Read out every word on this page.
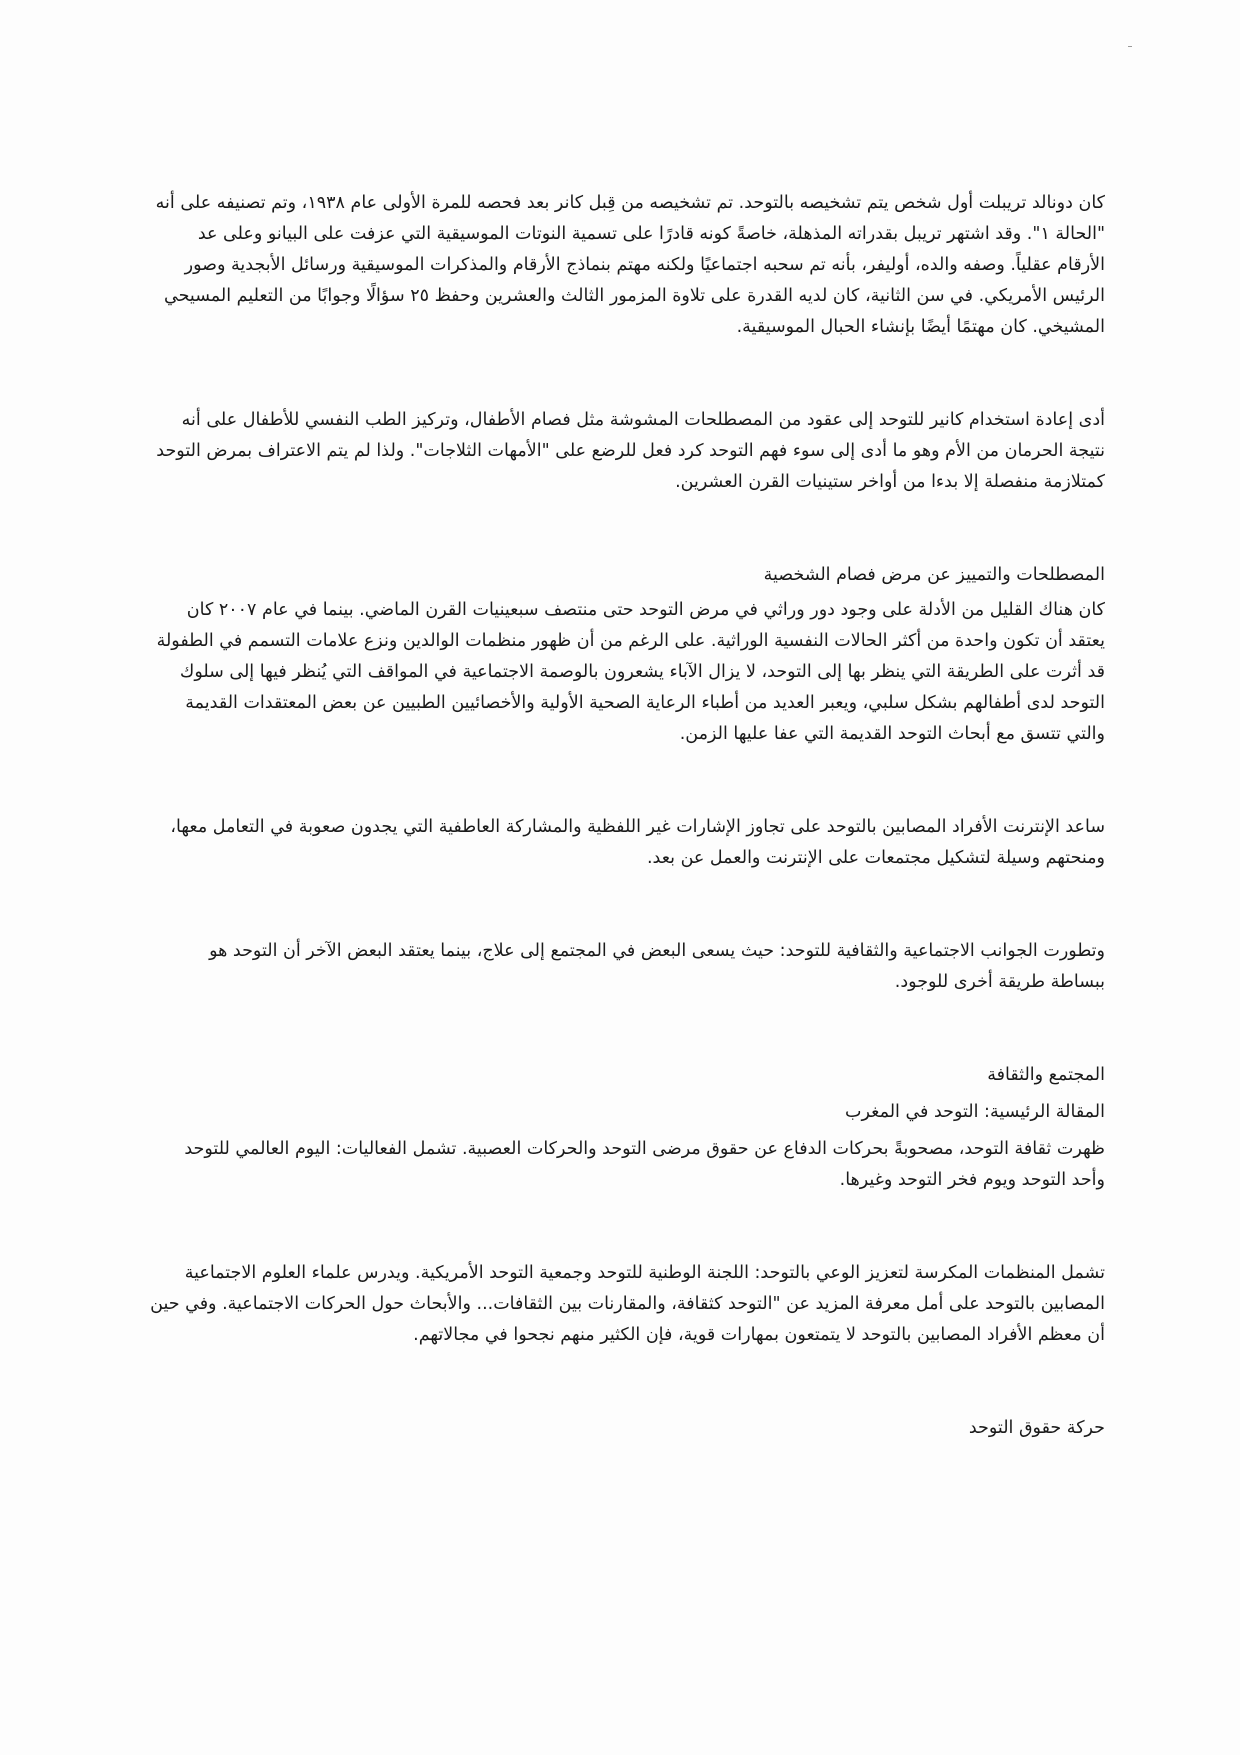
كان دونالد تريبلت أول شخص يتم تشخيصه بالتوحد. تم تشخيصه من قِبل كانر بعد فحصه للمرة الأولى عام ١٩٣٨، وتم تصنيفه على أنه "الحالة ١". وقد اشتهر تريبل بقدراته المذهلة، خاصةً كونه قادرًا على تسمية النوتات الموسيقية التي عزفت على البيانو وعلى عد الأرقام عقلياً. وصفه والده، أوليفر، بأنه تم سحبه اجتماعيًا ولكنه مهتم بنماذج الأرقام والمذكرات الموسيقية ورسائل الأبجدية وصور الرئيس الأمريكي. في سن الثانية، كان لديه القدرة على تلاوة المزمور الثالث والعشرين وحفظ ٢٥ سؤالًا وجوابًا من التعليم المسيحي المشيخي. كان مهتمًا أيضًا بإنشاء الحبال الموسيقية.

أدى إعادة استخدام كانير للتوحد إلى عقود من المصطلحات المشوشة مثل فصام الأطفال، وتركيز الطب النفسي للأطفال على أنه نتيجة الحرمان من الأم وهو ما أدى إلى سوء فهم التوحد كرد فعل للرضع على "الأمهات الثلاجات". ولذا لم يتم الاعتراف بمرض التوحد كمتلازمة منفصلة إلا بدءا من أواخر ستينيات القرن العشرين.

المصطلحات والتمييز عن مرض فصام الشخصية

كان هناك القليل من الأدلة على وجود دور وراثي في مرض التوحد حتى منتصف سبعينيات القرن الماضي. بينما في عام ٢٠٠٧ كان يعتقد أن تكون واحدة من أكثر الحالات النفسية الوراثية. على الرغم من أن ظهور منظمات الوالدين ونزع علامات التسمم في الطفولة قد أثرت على الطريقة التي ينظر بها إلى التوحد، لا يزال الآباء يشعرون بالوصمة الاجتماعية في المواقف التي يُنظر فيها إلى سلوك التوحد لدى أطفالهم بشكل سلبي، ويعبر العديد من أطباء الرعاية الصحية الأولية والأخصائيين الطبيين عن بعض المعتقدات القديمة والتي تتسق مع أبحاث التوحد القديمة التي عفا عليها الزمن.

ساعد الإنترنت الأفراد المصابين بالتوحد على تجاوز الإشارات غير اللفظية والمشاركة العاطفية التي يجدون صعوبة في التعامل معها، ومنحتهم وسيلة لتشكيل مجتمعات على الإنترنت والعمل عن بعد.

وتطورت الجوانب الاجتماعية والثقافية للتوحد: حيث يسعى البعض في المجتمع إلى علاج، بينما يعتقد البعض الآخر أن التوحد هو ببساطة طريقة أخرى للوجود.

المجتمع والثقافة

المقالة الرئيسية: التوحد في المغرب

ظهرت ثقافة التوحد، مصحوبةً بحركات الدفاع عن حقوق مرضى التوحد والحركات العصبية. تشمل الفعاليات: اليوم العالمي للتوحد وأحد التوحد ويوم فخر التوحد وغيرها.

تشمل المنظمات المكرسة لتعزيز الوعي بالتوحد: اللجنة الوطنية للتوحد وجمعية التوحد الأمريكية. ويدرس علماء العلوم الاجتماعية المصابين بالتوحد على أمل معرفة المزيد عن "التوحد كثقافة، والمقارنات بين الثقافات... والأبحاث حول الحركات الاجتماعية. وفي حين أن معظم الأفراد المصابين بالتوحد لا يتمتعون بمهارات قوية، فإن الكثير منهم نجحوا في مجالاتهم.

حركة حقوق التوحد
